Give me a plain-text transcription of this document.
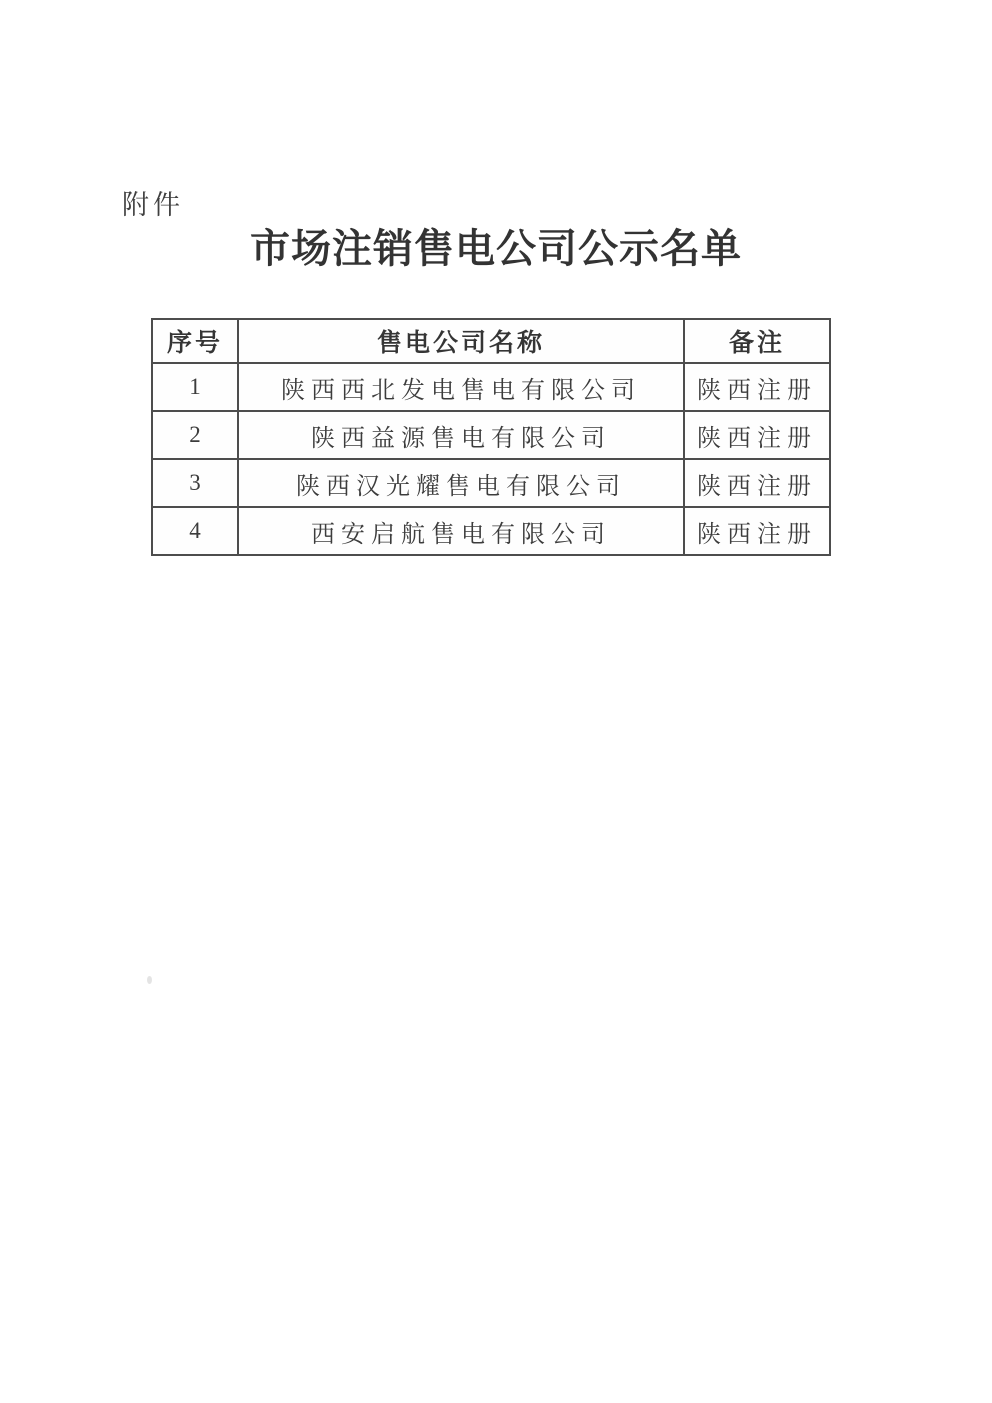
附件
市场注销售电公司公示名单
序号	售电公司名称	备注
1	陕西西北发电售电有限公司	陕西注册
2	陕西益源售电有限公司	陕西注册
3	陕西汉光耀售电有限公司	陕西注册
4	西安启航售电有限公司	陕西注册
